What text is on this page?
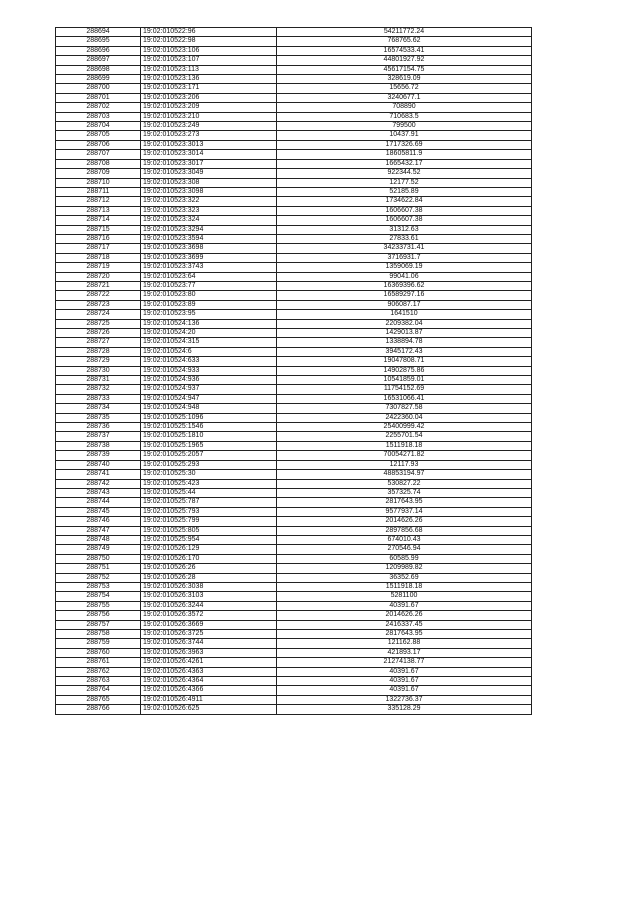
288694	19:02:010522:96	54211772.24
288695	19:02:010522:98	768765.62
288696	19:02:010523:106	16574533.41
288697	19:02:010523:107	44801927.92
288698	19:02:010523:113	45617154.75
288699	19:02:010523:136	328619.09
288700	19:02:010523:171	15656.72
288701	19:02:010523:206	3240677.1
288702	19:02:010523:209	708890
288703	19:02:010523:210	710683.5
288704	19:02:010523:249	799500
288705	19:02:010523:273	10437.91
288706	19:02:010523:3013	1717326.69
288707	19:02:010523:3014	18605811.9
288708	19:02:010523:3017	1665432.17
288709	19:02:010523:3049	922344.52
288710	19:02:010523:308	12177.52
288711	19:02:010523:3098	52185.89
288712	19:02:010523:322	1734622.84
288713	19:02:010523:323	1606607.38
288714	19:02:010523:324	1606607.38
288715	19:02:010523:3294	31312.63
288716	19:02:010523:3594	27833.61
288717	19:02:010523:3698	34233731.41
288718	19:02:010523:3699	3716931.7
288719	19:02:010523:3743	1359069.19
288720	19:02:010523:64	99041.06
288721	19:02:010523:77	16369396.62
288722	19:02:010523:80	16589297.16
288723	19:02:010523:89	906087.17
288724	19:02:010523:95	1641510
288725	19:02:010524:136	2209382.04
288726	19:02:010524:20	1429013.87
288727	19:02:010524:315	1338894.78
288728	19:02:010524:6	3945172.43
288729	19:02:010524:633	19047808.71
288730	19:02:010524:933	14902875.86
288731	19:02:010524:936	10541859.01
288732	19:02:010524:937	11754152.69
288733	19:02:010524:947	16531066.41
288734	19:02:010524:948	7307827.58
288735	19:02:010525:1096	2422360.04
288736	19:02:010525:1546	25400999.42
288737	19:02:010525:1810	2255701.54
288738	19:02:010525:1965	1511918.18
288739	19:02:010525:2057	70054271.82
288740	19:02:010525:293	12117.93
288741	19:02:010525:30	48853194.97
288742	19:02:010525:423	530827.22
288743	19:02:010525:44	357325.74
288744	19:02:010525:787	2817643.95
288745	19:02:010525:793	9577937.14
288746	19:02:010525:799	2014626.26
288747	19:02:010525:805	2897856.68
288748	19:02:010525:954	674010.43
288749	19:02:010526:129	270546.94
288750	19:02:010526:170	60585.99
288751	19:02:010526:26	1209989.82
288752	19:02:010526:28	36352.69
288753	19:02:010526:3038	1511918.18
288754	19:02:010526:3103	5281100
288755	19:02:010526:3244	40391.67
288756	19:02:010526:3572	2014626.26
288757	19:02:010526:3669	2416337.45
288758	19:02:010526:3725	2817643.95
288759	19:02:010526:3744	121162.88
288760	19:02:010526:3963	421893.17
288761	19:02:010526:4261	21274138.77
288762	19:02:010526:4363	40391.67
288763	19:02:010526:4364	40391.67
288764	19:02:010526:4366	40391.67
288765	19:02:010526:4911	1322736.37
288766	19:02:010526:625	335128.29
